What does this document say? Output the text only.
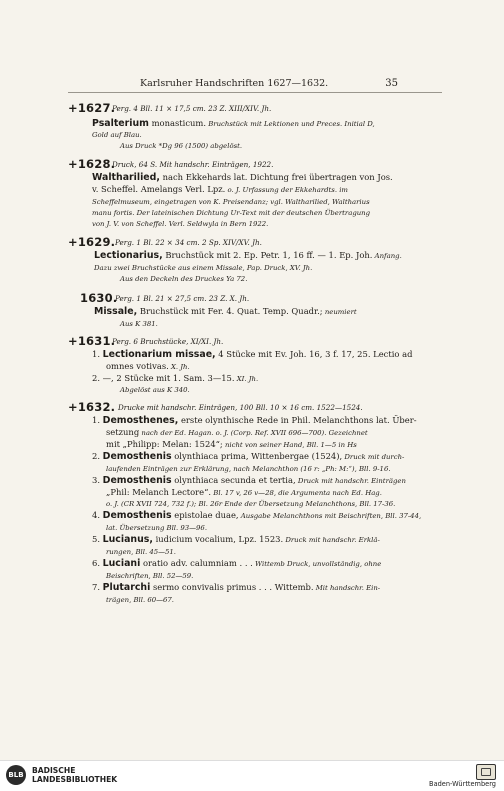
Karlsruher Handschriften 1627—1632.	35
+1627.
Perg. 4 Bll. 11 × 17,5 cm. 23 Z. XIII/XIV. Jh.
Psalterium monasticum. Bruchstück mit Lektionen und Preces. Initial D,
Gold auf Blau.
Aus Druck *Dg 96 (1500) abgelöst.
+1628.
Druck, 64 S. Mit handschr. Einträgen, 1922.
Waltharilied, nach Ekkehards lat. Dichtung frei übertragen von Jos.
v. Scheffel. Amelangs Verl. Lpz. o. J. Urfassung der Ekkehardts. im
Scheffelmuseum, eingetragen von K. Preisendanz; vgl. Waltharilied, Waltharius
manu fortis. Der lateinischen Dichtung Ur-Text mit der deutschen Übertragung
von J. V. von Scheffel. Verl. Seldwyla in Bern 1922.
+1629. Perg. 1 Bl. 22 × 34 cm. 2 Sp. XIV/XV. Jh.
Lectionarius, Bruchstück mit 2. Ep. Petr. 1, 16 ff. — 1. Ep. Joh. Anfang.
Dazu zwei Bruchstücke aus einem Missale, Pap. Druck, XV. Jh.
Aus den Deckeln des Druckes Ya 72.
1630.
Perg. 1 Bl. 21 × 27,5 cm. 23 Z. X. Jh.
Missale, Bruchstück mit Fer. 4. Quat. Temp. Quadr.; neumiert
Aus K 381.
+1631.
Perg. 6 Bruchstücke, XI/XI. Jh.
1. Lectionarium missae, 4 Stücke mit Ev. Joh. 16, 3 f. 17, 25. Lectio ad
omnes votivas. X. Jh.
2. —, 2 Stücke mit 1. Sam. 3—15. XI. Jh.
Abgelöst aus K 340.
+1632. Drucke mit handschr. Einträgen, 100 Bll. 10 × 16 cm. 1522—1524.
1. Demosthenes, erste olynthische Rede in Phil. Melanchthons lat. Über-
setzung nach der Ed. Hagan. o. J. (Corp. Ref. XVII 696—700). Gezeichnet
mit „Philipp: Melan: 1524“; nicht von seiner Hand, Bll. 1—5 in Hs
2. Demosthenis olynthiaca prima, Wittenbergae (1524), Druck mit durch-
laufenden Einträgen zur Erklärung, nach Melanchthon (16 r: „Ph: M:“), Bll. 9-16.
3. Demosthenis olynthiaca secunda et tertia, Druck mit handschr. Einträgen
„Phil: Melanch Lectore“. Bl. 17 v, 26 v—28, die Argumenta nach Ed. Hag.
o. J. (CR XVII 724, 732 f.); Bl. 26r Ende der Übersetzung Melanchthons, Bll. 17-36.
4. Demosthenis epistolae duae, Ausgabe Melanchthons mit Beischriften, Bll. 37-44,
lat. Übersetzung Bll. 93—96.
5. Lucianus, iudicium vocalium, Lpz. 1523. Druck mit handschr. Erklä-
rungen, Bll. 45—51.
6. Luciani oratio adv. calumniam . . . Wittemb Druck, unvollständig, ohne
Beischriften, Bll. 52—59.
7. Plutarchi sermo convivalis primus . . . Wittemb. Mit handschr. Ein-
trägen, Bll. 60—67.
BLB	BADISCHE
LANDESBIBLIOTHEK	Baden-Württemberg
